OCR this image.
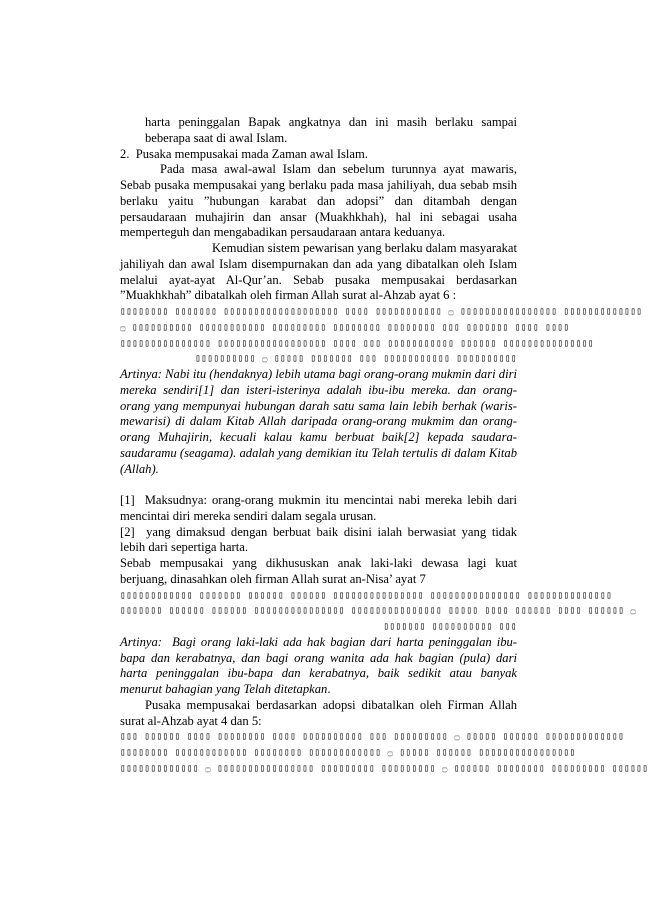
harta peninggalan Bapak angkatnya dan ini masih berlaku sampai beberapa saat di awal Islam.

2.  Pusaka mempusakai mada Zaman awal Islam.

Pada masa awal-awal Islam dan sebelum turunnya ayat mawaris, Sebab pusaka mempusakai yang berlaku pada masa jahiliyah, dua sebab msih berlaku yaitu ”hubungan karabat dan adopsi” dan ditambah dengan persaudaraan muhajirin dan ansar (Muakhkhah), hal ini sebagai usaha memperteguh dan mengabadikan persaudaraan antara keduanya.

Kemudian sistem pewarisan yang berlaku dalam masyarakat jahiliyah dan awal Islam disempurnakan dan ada yang dibatalkan oleh Islam melalui ayat-ayat Al-Qur’an. Sebab pusaka mempusakai berdasarkan ”Muakhkhah” dibatalkah oleh firman Allah surat al-Ahzab ayat 6 :

▯▯▯▯▯▯▯▯ ▯▯▯▯▯▯▯ ▯▯▯▯▯▯▯▯▯▯▯▯▯▯▯▯▯▯▯ ▯▯▯▯ ▯▯▯▯▯▯▯▯▯▯▯ ۝ ▯▯▯▯▯▯▯▯▯▯▯▯▯▯▯▯ ▯▯▯▯▯▯▯▯▯▯▯▯▯
۝ ▯▯▯▯▯▯▯▯▯▯ ▯▯▯▯▯▯▯▯▯▯▯ ▯▯▯▯▯▯▯▯▯ ▯▯▯▯▯▯▯▯ ▯▯▯▯▯▯▯▯ ▯▯▯ ▯▯▯▯▯▯▯ ▯▯▯▯ ▯▯▯▯
▯▯▯▯▯▯▯▯▯▯▯▯▯▯▯ ▯▯▯▯▯▯▯▯▯▯▯▯▯▯▯▯▯▯ ▯▯▯▯ ▯▯▯ ▯▯▯▯▯▯▯▯▯▯▯ ▯▯▯▯▯▯ ▯▯▯▯▯▯▯▯▯▯▯▯▯▯▯
▯▯▯▯▯▯▯▯▯▯ ۝ ▯▯▯▯▯ ▯▯▯▯▯▯▯ ▯▯▯ ▯▯▯▯▯▯▯▯▯▯▯ ▯▯▯▯▯▯▯▯▯▯

Artinya: Nabi itu (hendaknya) lebih utama bagi orang-orang mukmin dari diri mereka sendiri[1] dan isteri-isterinya adalah ibu-ibu mereka. dan orang-orang yang mempunyai hubungan darah satu sama lain lebih berhak (waris-mewarisi) di dalam Kitab Allah daripada orang-orang mukmim dan orang-orang Muhajirin, kecuali kalau kamu berbuat baik[2] kepada saudara-saudaramu (seagama). adalah yang demikian itu Telah tertulis di dalam Kitab (Allah).

[1]  Maksudnya: orang-orang mukmin itu mencintai nabi mereka lebih dari mencintai diri mereka sendiri dalam segala urusan.

[2]  yang dimaksud dengan berbuat baik disini ialah berwasiat yang tidak lebih dari sepertiga harta.

Sebab mempusakai yang dikhususkan anak laki-laki dewasa lagi kuat berjuang, dinasahkan oleh firman Allah surat an-Nisa’ ayat 7

▯▯▯▯▯▯▯▯▯▯▯▯ ▯▯▯▯▯▯▯ ▯▯▯▯▯▯ ▯▯▯▯▯▯ ▯▯▯▯▯▯▯▯▯▯▯▯▯▯▯ ▯▯▯▯▯▯▯▯▯▯▯▯▯▯▯ ▯▯▯▯▯▯▯▯▯▯▯▯▯▯
▯▯▯▯▯▯▯ ▯▯▯▯▯▯ ▯▯▯▯▯▯ ▯▯▯▯▯▯▯▯▯▯▯▯▯▯▯ ▯▯▯▯▯▯▯▯▯▯▯▯▯▯▯ ▯▯▯▯▯ ▯▯▯▯ ▯▯▯▯▯▯ ▯▯▯▯ ▯▯▯▯▯▯ ۝
▯▯▯▯▯▯▯ ▯▯▯▯▯▯▯▯▯▯ ▯▯▯

Artinya:  Bagi orang laki-laki ada hak bagian dari harta peninggalan ibu-bapa dan kerabatnya, dan bagi orang wanita ada hak bagian (pula) dari harta peninggalan ibu-bapa dan kerabatnya, baik sedikit atau banyak menurut bahagian yang Telah ditetapkan.

Pusaka mempusakai berdasarkan adopsi dibatalkan oleh Firman Allah surat al-Ahzab ayat 4 dan 5:

▯▯▯ ▯▯▯▯▯▯ ▯▯▯▯ ▯▯▯▯▯▯▯▯ ▯▯▯▯ ▯▯▯▯▯▯▯▯▯▯ ▯▯▯ ▯▯▯▯▯▯▯▯▯ ۝ ▯▯▯▯▯ ▯▯▯▯▯▯ ▯▯▯▯▯▯▯▯▯▯▯▯▯
▯▯▯▯▯▯▯▯ ▯▯▯▯▯▯▯▯▯▯▯▯ ▯▯▯▯▯▯▯▯ ▯▯▯▯▯▯▯▯▯▯▯▯ ۝ ▯▯▯▯▯ ▯▯▯▯▯▯ ▯▯▯▯▯▯▯▯▯▯▯▯▯▯▯▯
▯▯▯▯▯▯▯▯▯▯▯▯▯ ۝ ▯▯▯▯▯▯▯▯▯ ▯▯▯▯▯▯▯▯▯ ▯▯▯▯▯▯▯▯▯▯▯▯▯▯▯▯ ۝ ▯▯▯▯▯▯ ▯▯▯▯▯▯▯▯ ▯▯▯▯▯▯▯▯▯ ▯▯▯▯▯▯
